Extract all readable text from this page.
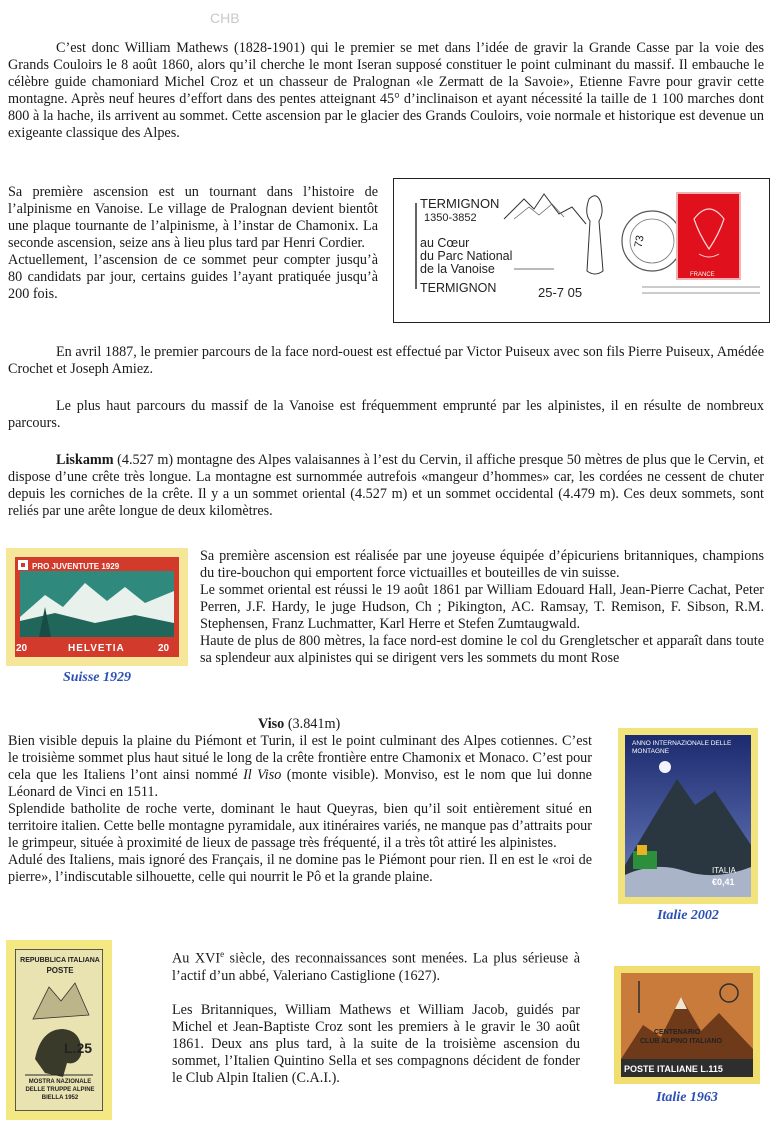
CHB

C’est donc William Mathews (1828-1901) qui le premier se met dans l’idée de gravir la Grande Casse par la voie des Grands Couloirs le 8 août 1860, alors qu’il cherche le mont Iseran supposé constituer le point culminant du massif. Il embauche le célèbre guide chamoniard Michel Croz et un chasseur de Pralognan «le Zermatt de la Savoie», Etienne Favre pour gravir cette montagne. Après neuf heures d’effort dans des pentes atteignant 45° d’inclinaison et ayant nécessité la taille de 1 100 marches dont 800 à la hache, ils arrivent au sommet. Cette ascension par le glacier des Grands Couloirs, voie normale et historique est devenue un exigeante classique des Alpes.

Sa première ascension est un tournant dans l’histoire de l’alpinisme en Vanoise. Le village de Pralognan devient bientôt une plaque tournante de l’alpinisme, à l’instar de Chamonix. La seconde ascension, seize ans à lieu plus tard par Henri Cordier.

Actuellement, l’ascension de ce sommet peur compter jusqu’à 80 candidats par jour, certains guides l’ayant pratiquée jusqu’à 200 fois.

TERMIGNON
1350-3852
au Cœur
du Parc National
de la Vanoise
TERMIGNON	25-7 05
73
FRANCE

En avril 1887, le premier parcours de la face nord-ouest est effectué par Victor Puiseux avec son fils Pierre Puiseux, Amédée Crochet et Joseph Amiez.

Le plus haut parcours du massif de la Vanoise est fréquemment emprunté par les alpinistes, il en résulte de nombreux parcours.

Liskamm (4.527 m) montagne des Alpes valaisannes à l’est du Cervin, il affiche presque 50 mètres de plus que le Cervin, et dispose d’une crête très longue. La montagne est surnommée autrefois «mangeur d’hommes» car, les cordées ne cessent de chuter depuis les corniches de la crête. Il y a un sommet oriental (4.527 m) et un sommet occidental (4.479 m). Ces deux sommets, sont reliés par une arête longue de deux kilomètres.

PRO JUVENTUTE 1929
20	HELVETIA	20
Suisse 1929

Sa première ascension est réalisée par une joyeuse équipée d’épicuriens britanniques, champions du tire-bouchon qui emportent force victuailles et bouteilles de vin suisse.

Le sommet oriental est réussi le 19 août 1861 par William Edouard Hall, Jean-Pierre Cachat, Peter Perren, J.F. Hardy, le juge Hudson, Ch ; Pikington, AC. Ramsay, T. Remison, F. Sibson, R.M. Stephensen, Franz Luchmatter, Karl Herre et Stefen Zumtaugwald.

Haute de plus de 800 mètres, la face nord-est domine le col du Grengletscher et apparaît dans toute sa splendeur aux alpinistes qui se dirigent vers les sommets du mont Rose

Viso (3.841m)

Bien visible depuis la plaine du Piémont et Turin, il est le point culminant des Alpes cotiennes. C’est le troisième sommet plus haut situé le long de la crête frontière entre Chamonix et Monaco. C’est pour cela que les Italiens l’ont ainsi nommé Il Viso (monte visible). Monviso, est le nom que lui donne Léonard de Vinci en 1511.

Splendide batholite de roche verte, dominant le haut Queyras, bien qu’il soit entièrement situé en territoire italien. Cette belle montagne pyramidale, aux itinéraires variés, ne manque pas d’attraits pour le grimpeur, située à proximité de lieux de passage très fréquenté, il a très tôt attiré les alpinistes.

Adulé des Italiens, mais ignoré des Français, il ne domine pas le Piémont pour rien. Il en est le «roi de pierre», l’indiscutable silhouette, celle qui nourrit le Pô et la grande plaine.

ANNO INTERNAZIONALE DELLE MONTAGNE
ITALIA
€0,41
Italie 2002
REPUBBLICA ITALIANA
POSTE
L.25
MOSTRA NAZIONALE
DELLE TRUPPE ALPINE
BIELLA 1952

Au XVIe siècle, des reconnaissances sont menées. La plus sérieuse à l’actif d’un abbé, Valeriano Castiglione (1627).

Les Britanniques, William Mathews et William Jacob, guidés par Michel et Jean-Baptiste Croz sont les premiers à le gravir le 30 août 1861. Deux ans plus tard, à la suite de la troisième ascension du sommet, l’Italien Quintino Sella et ses compagnons décident de fonder le Club Alpin Italien (C.A.I.).

CENTENARIO
CLUB ALPINO ITALIANO
POSTE ITALIANE L.115
Italie 1963
